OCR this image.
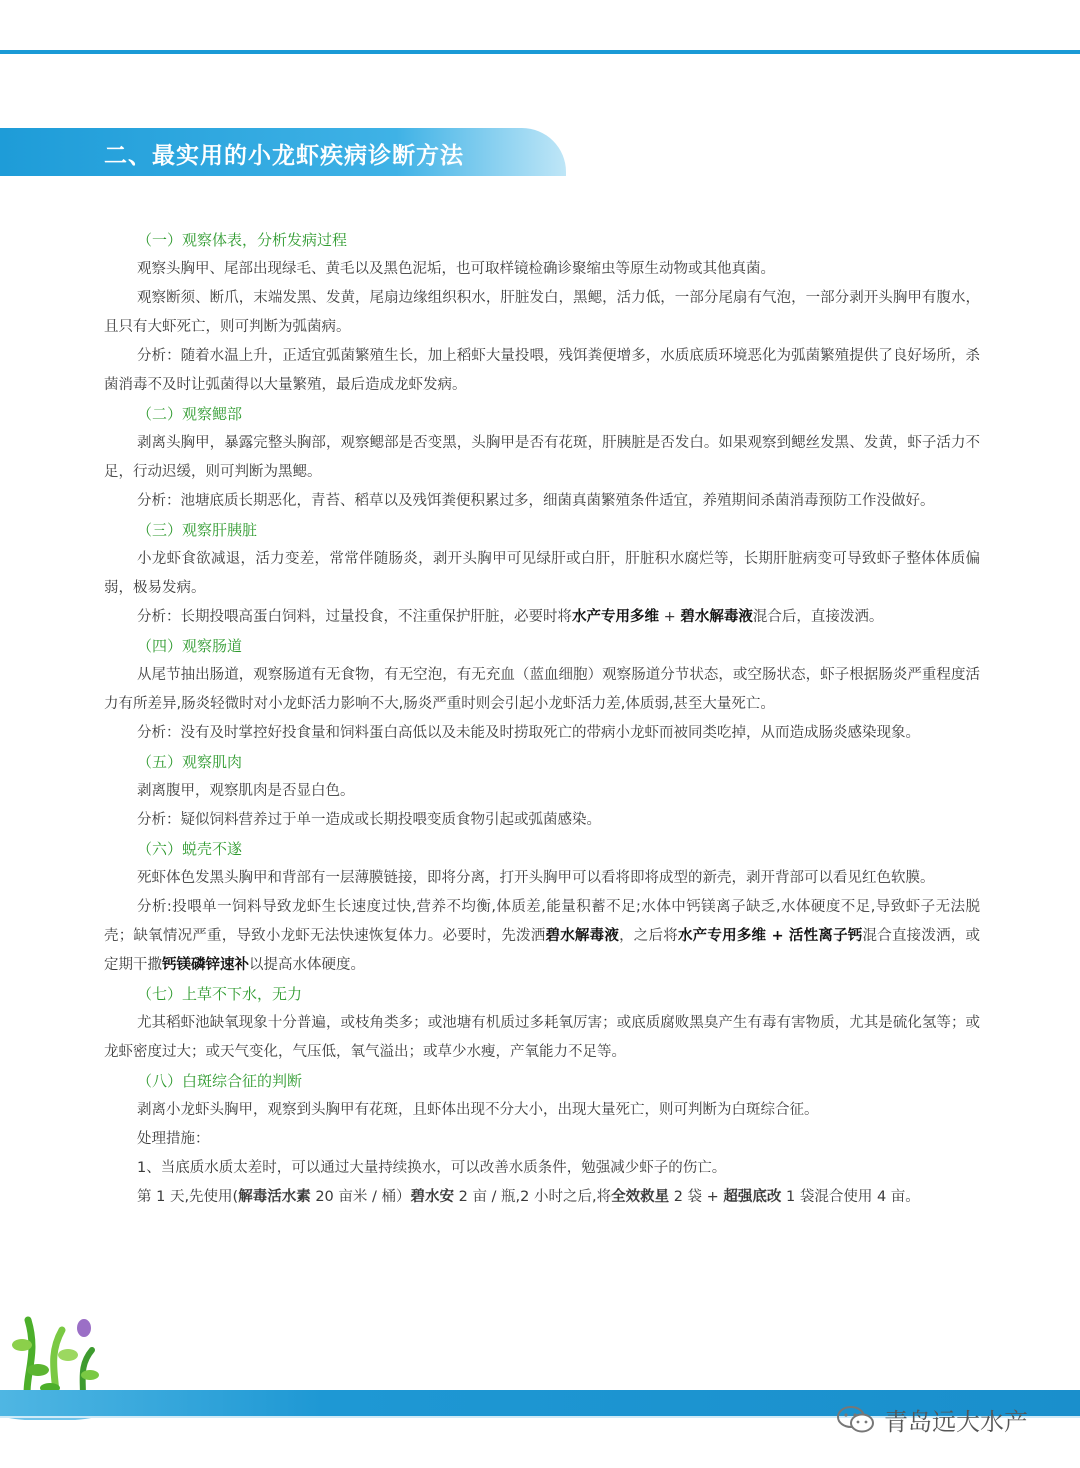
二、最实用的小龙虾疾病诊断方法
（一）观察体表，分析发病过程
观察头胸甲、尾部出现绿毛、黄毛以及黑色泥垢，也可取样镜检确诊聚缩虫等原生动物或其他真菌。
观察断须、断爪，末端发黑、发黄，尾扇边缘组织积水，肝脏发白，黑鳃，活力低，一部分尾扇有气泡，一部分剥开头胸甲有腹水，且只有大虾死亡，则可判断为弧菌病。
分析：随着水温上升，正适宜弧菌繁殖生长，加上稻虾大量投喂，残饵粪便增多，水质底质环境恶化为弧菌繁殖提供了良好场所，杀菌消毒不及时让弧菌得以大量繁殖，最后造成龙虾发病。
（二）观察鳃部
剥离头胸甲，暴露完整头胸部，观察鳃部是否变黑，头胸甲是否有花斑，肝胰脏是否发白。如果观察到鳃丝发黑、发黄，虾子活力不足，行动迟缓，则可判断为黑鳃。
分析：池塘底质长期恶化，青苔、稻草以及残饵粪便积累过多，细菌真菌繁殖条件适宜，养殖期间杀菌消毒预防工作没做好。
（三）观察肝胰脏
小龙虾食欲减退，活力变差，常常伴随肠炎，剥开头胸甲可见绿肝或白肝，肝脏积水腐烂等，长期肝脏病变可导致虾子整体体质偏弱，极易发病。
分析：长期投喂高蛋白饲料，过量投食，不注重保护肝脏，必要时将水产专用多维 + 碧水解毒液混合后，直接泼洒。
（四）观察肠道
从尾节抽出肠道，观察肠道有无食物，有无空泡，有无充血（蓝血细胞）观察肠道分节状态，或空肠状态，虾子根据肠炎严重程度活力有所差异,肠炎轻微时对小龙虾活力影响不大,肠炎严重时则会引起小龙虾活力差,体质弱,甚至大量死亡。
分析：没有及时掌控好投食量和饲料蛋白高低以及未能及时捞取死亡的带病小龙虾而被同类吃掉，从而造成肠炎感染现象。
（五）观察肌肉
剥离腹甲，观察肌肉是否显白色。
分析：疑似饲料营养过于单一造成或长期投喂变质食物引起或弧菌感染。
（六）蜕壳不遂
死虾体色发黑头胸甲和背部有一层薄膜链接，即将分离，打开头胸甲可以看将即将成型的新壳，剥开背部可以看见红色软膜。
分析:投喂单一饲料导致龙虾生长速度过快,营养不均衡,体质差,能量积蓄不足;水体中钙镁离子缺乏,水体硬度不足,导致虾子无法脱壳；缺氧情况严重，导致小龙虾无法快速恢复体力。必要时，先泼洒碧水解毒液，之后将水产专用多维 + 活性离子钙混合直接泼洒，或定期干撒钙镁磷锌速补以提高水体硬度。
（七）上草不下水，无力
尤其稻虾池缺氧现象十分普遍，或枝角类多；或池塘有机质过多耗氧厉害；或底质腐败黑臭产生有毒有害物质，尤其是硫化氢等；或龙虾密度过大；或天气变化，气压低，氧气溢出；或草少水瘦，产氧能力不足等。
（八）白斑综合征的判断
剥离小龙虾头胸甲，观察到头胸甲有花斑，且虾体出现不分大小，出现大量死亡，则可判断为白斑综合征。
处理措施：
1、当底质水质太差时，可以通过大量持续换水，可以改善水质条件，勉强减少虾子的伤亡。
第 1 天,先使用(解毒活水素 20 亩米 / 桶）碧水安 2 亩 / 瓶,2 小时之后,将全效救星 2 袋 + 超强底改 1 袋混合使用 4 亩。
青岛远大水产
